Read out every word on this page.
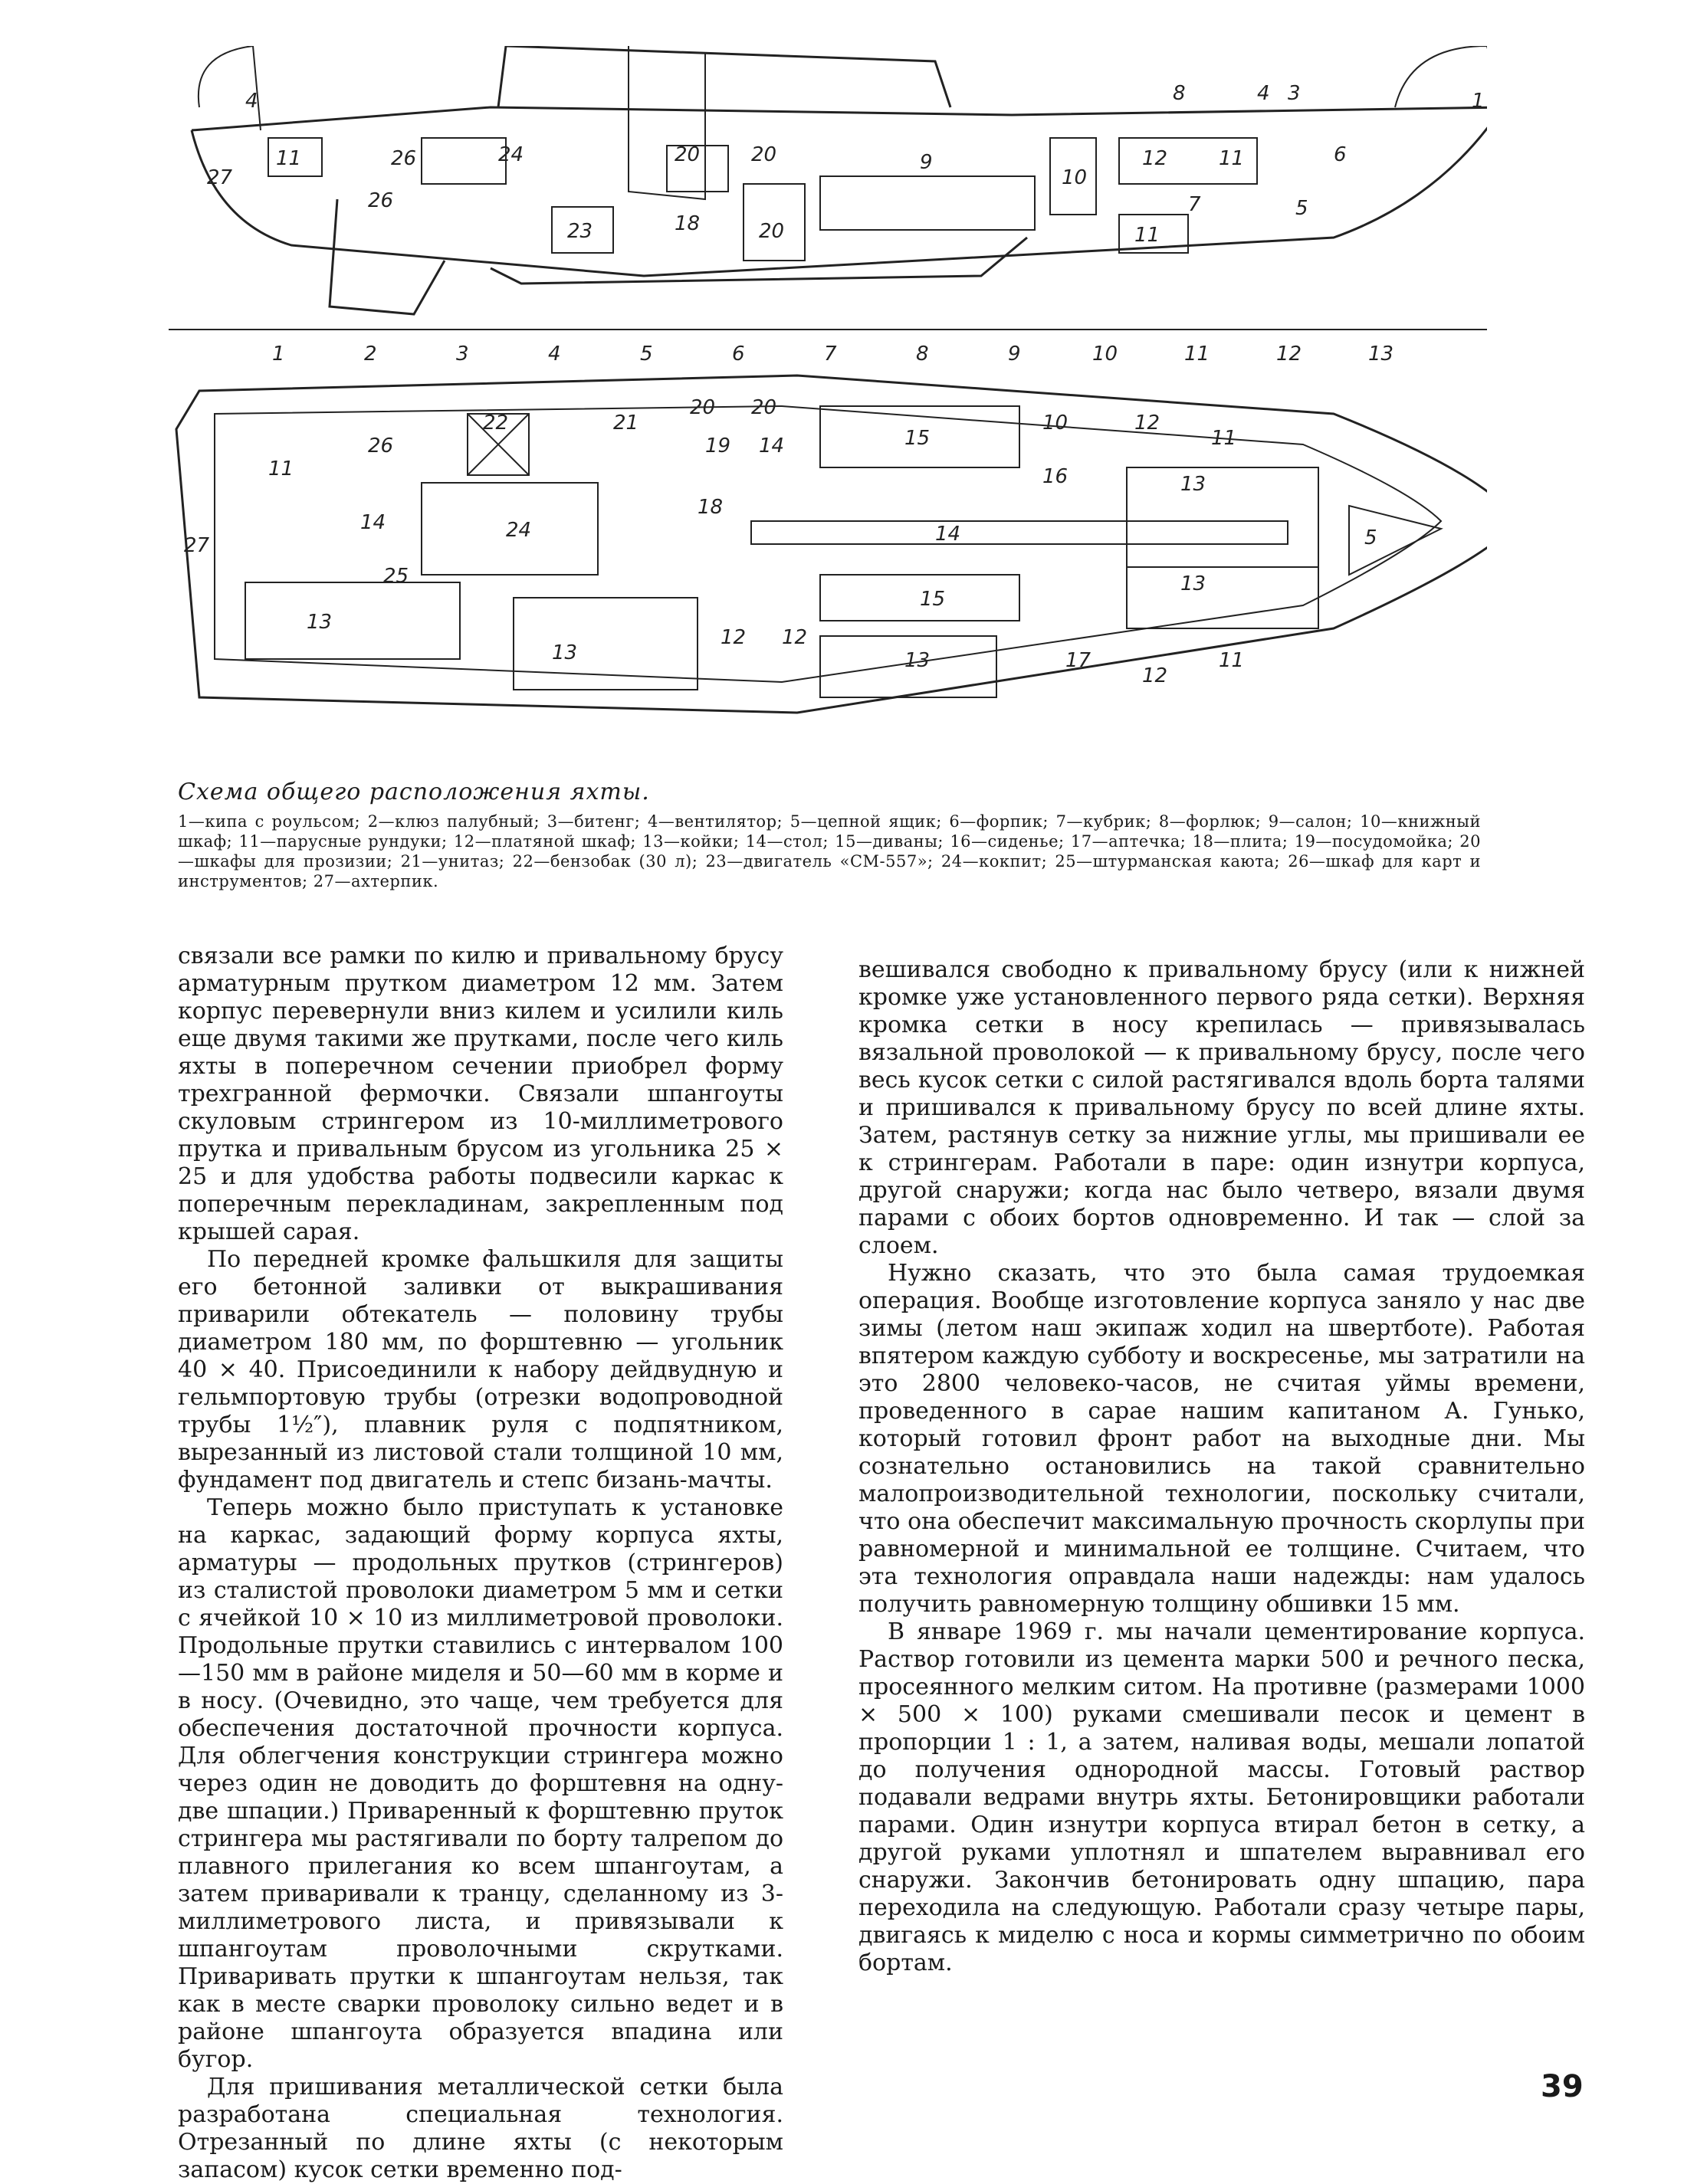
27
11	26	24
26
23
20	20
18	20
9
10
12	11
7
11
6
5
8	4 3	1
4
1	2	3	4	5	6	7	8	9	10	11	12	13
27
11
26
22	21
20 20
19 14	15
10	12
11
16	13
5
14
24
18
14
25
13
13
12 12
15
13	17
12
11
13
Схема общего расположения яхты.
1—кипа с роульсом; 2—клюз палубный; 3—битенг; 4—вентилятор; 5—цепной ящик; 6—форпик; 7—кубрик; 8—форлюк; 9—салон; 10—книжный шкаф; 11—парусные рундуки; 12—платяной шкаф; 13—койки; 14—стол; 15—диваны; 16—сиденье; 17—аптечка; 18—плита; 19—посудомойка; 20—шкафы для прозизии; 21—унитаз; 22—бензобак (30 л); 23—двигатель «СМ-557»; 24—кокпит; 25—штурманская каюта; 26—шкаф для карт и инструментов; 27—ахтерпик.

связали все рамки по килю и привальному брусу арматурным прутком диаметром 12 мм. Затем корпус перевернули вниз килем и усилили киль еще двумя такими же прутками, после чего киль яхты в поперечном сечении приобрел форму трехгранной фермочки. Связали шпангоуты скуловым стрингером из 10-миллиметрового прутка и привальным брусом из угольника 25 × 25 и для удобства работы подвесили каркас к поперечным перекладинам, закрепленным под крышей сарая.

По передней кромке фальшкиля для защиты его бетонной заливки от выкрашивания приварили обтекатель — половину трубы диаметром 180 мм, по форштевню — угольник 40 × 40. Присоединили к набору дейдвудную и гельмпортовую трубы (отрезки водопроводной трубы 1½″), плавник руля с подпятником, вырезанный из листовой стали толщиной 10 мм, фундамент под двигатель и степс бизань-мачты.

Теперь можно было приступать к установке на каркас, задающий форму корпуса яхты, арматуры — продольных прутков (стрингеров) из сталистой проволоки диаметром 5 мм и сетки с ячейкой 10 × 10 из миллиметровой проволоки. Продольные прутки ставились с интервалом 100—150 мм в районе миделя и 50—60 мм в корме и в носу. (Очевидно, это чаще, чем требуется для обеспечения достаточной прочности корпуса. Для облегчения конструкции стрингера можно через один не доводить до форштевня на одну-две шпации.) Приваренный к форштевню пруток стрингера мы растягивали по борту талрепом до плавного прилегания ко всем шпангоутам, а затем приваривали к транцу, сделанному из 3-миллиметрового листа, и привязывали к шпангоутам проволочными скрутками. Приваривать прутки к шпангоутам нельзя, так как в месте сварки проволоку сильно ведет и в районе шпангоута образуется впадина или бугор.

Для пришивания металлической сетки была разработана специальная технология. Отрезанный по длине яхты (с некоторым запасом) кусок сетки временно под-

вешивался свободно к привальному брусу (или к нижней кромке уже установленного первого ряда сетки). Верхняя кромка сетки в носу крепилась — привязывалась вязальной проволокой — к привальному брусу, после чего весь кусок сетки с силой растягивался вдоль борта талями и пришивался к привальному брусу по всей длине яхты. Затем, растянув сетку за нижние углы, мы пришивали ее к стрингерам. Работали в паре: один изнутри корпуса, другой снаружи; когда нас было четверо, вязали двумя парами с обоих бортов одновременно. И так — слой за слоем.

Нужно сказать, что это была самая трудоемкая операция. Вообще изготовление корпуса заняло у нас две зимы (летом наш экипаж ходил на швертботе). Работая впятером каждую субботу и воскресенье, мы затратили на это 2800 человеко-часов, не считая уймы времени, проведенного в сарае нашим капитаном А. Гунько, который готовил фронт работ на выходные дни. Мы сознательно остановились на такой сравнительно малопроизводительной технологии, поскольку считали, что она обеспечит максимальную прочность скорлупы при равномерной и минимальной ее толщине. Считаем, что эта технология оправдала наши надежды: нам удалось получить равномерную толщину обшивки 15 мм.

В январе 1969 г. мы начали цементирование корпуса. Раствор готовили из цемента марки 500 и речного песка, просеянного мелким ситом. На противне (размерами 1000 × 500 × 100) руками смешивали песок и цемент в пропорции 1 : 1, а затем, наливая воды, мешали лопатой до получения однородной массы. Готовый раствор подавали ведрами внутрь яхты. Бетонировщики работали парами. Один изнутри корпуса втирал бетон в сетку, а другой руками уплотнял и шпателем выравнивал его снаружи. Закончив бетонировать одну шпацию, пара переходила на следующую. Работали сразу четыре пары, двигаясь к миделю с носа и кормы симметрично по обоим бортам.

39
